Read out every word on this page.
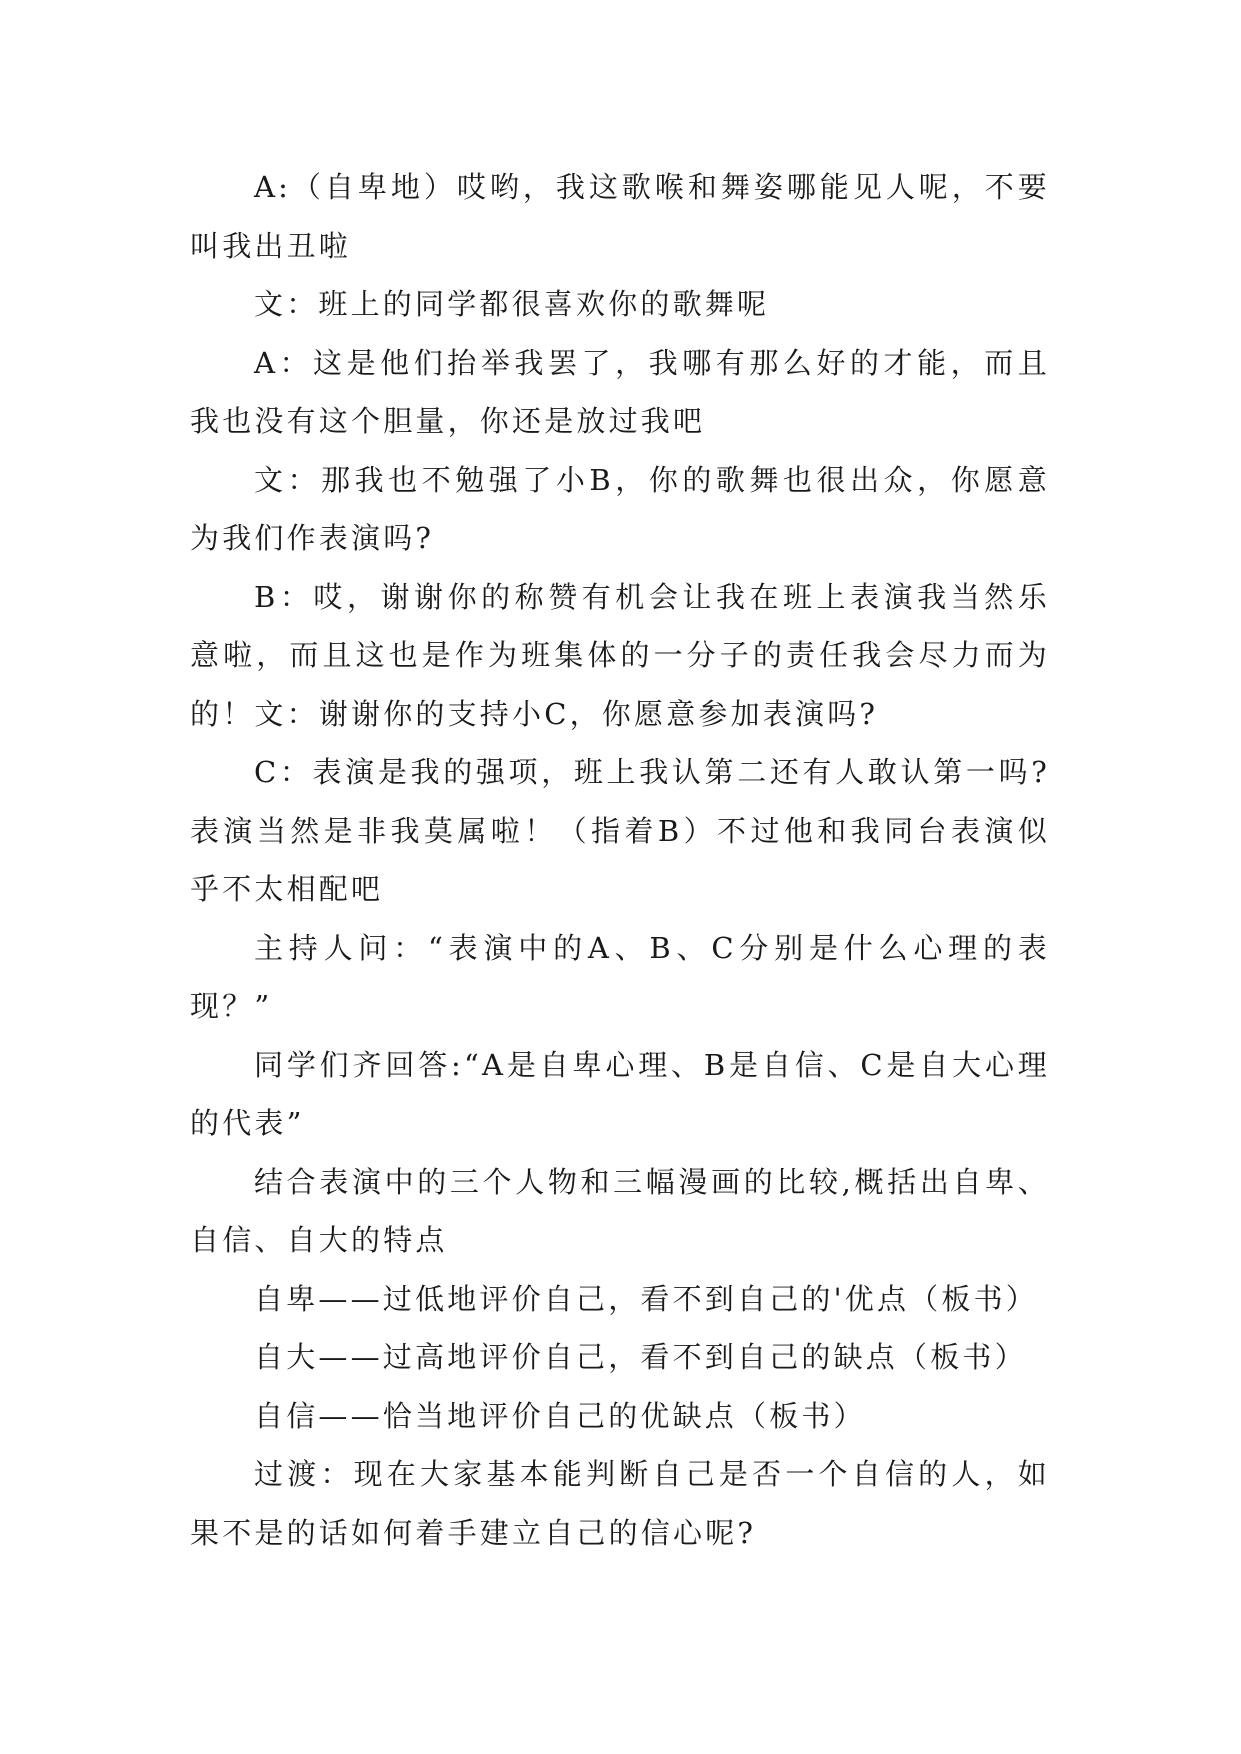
A:（自卑地）哎哟，我这歌喉和舞姿哪能见人呢，不要叫我出丑啦

文：班上的同学都很喜欢你的歌舞呢

A：这是他们抬举我罢了，我哪有那么好的才能，而且我也没有这个胆量，你还是放过我吧

文：那我也不勉强了小B，你的歌舞也很出众，你愿意为我们作表演吗?

B：哎，谢谢你的称赞有机会让我在班上表演我当然乐意啦，而且这也是作为班集体的一分子的责任我会尽力而为的！文：谢谢你的支持小C，你愿意参加表演吗?

C：表演是我的强项，班上我认第二还有人敢认第一吗?表演当然是非我莫属啦！（指着B）不过他和我同台表演似乎不太相配吧

主持人问：“表演中的A、B、C分别是什么心理的表现？”

同学们齐回答:“A是自卑心理、B是自信、C是自大心理的代表”

结合表演中的三个人物和三幅漫画的比较,概括出自卑、自信、自大的特点

自卑——过低地评价自己，看不到自己的'优点（板书）

自大——过高地评价自己，看不到自己的缺点（板书）

自信——恰当地评价自己的优缺点（板书）

过渡：现在大家基本能判断自己是否一个自信的人，如果不是的话如何着手建立自己的信心呢?
